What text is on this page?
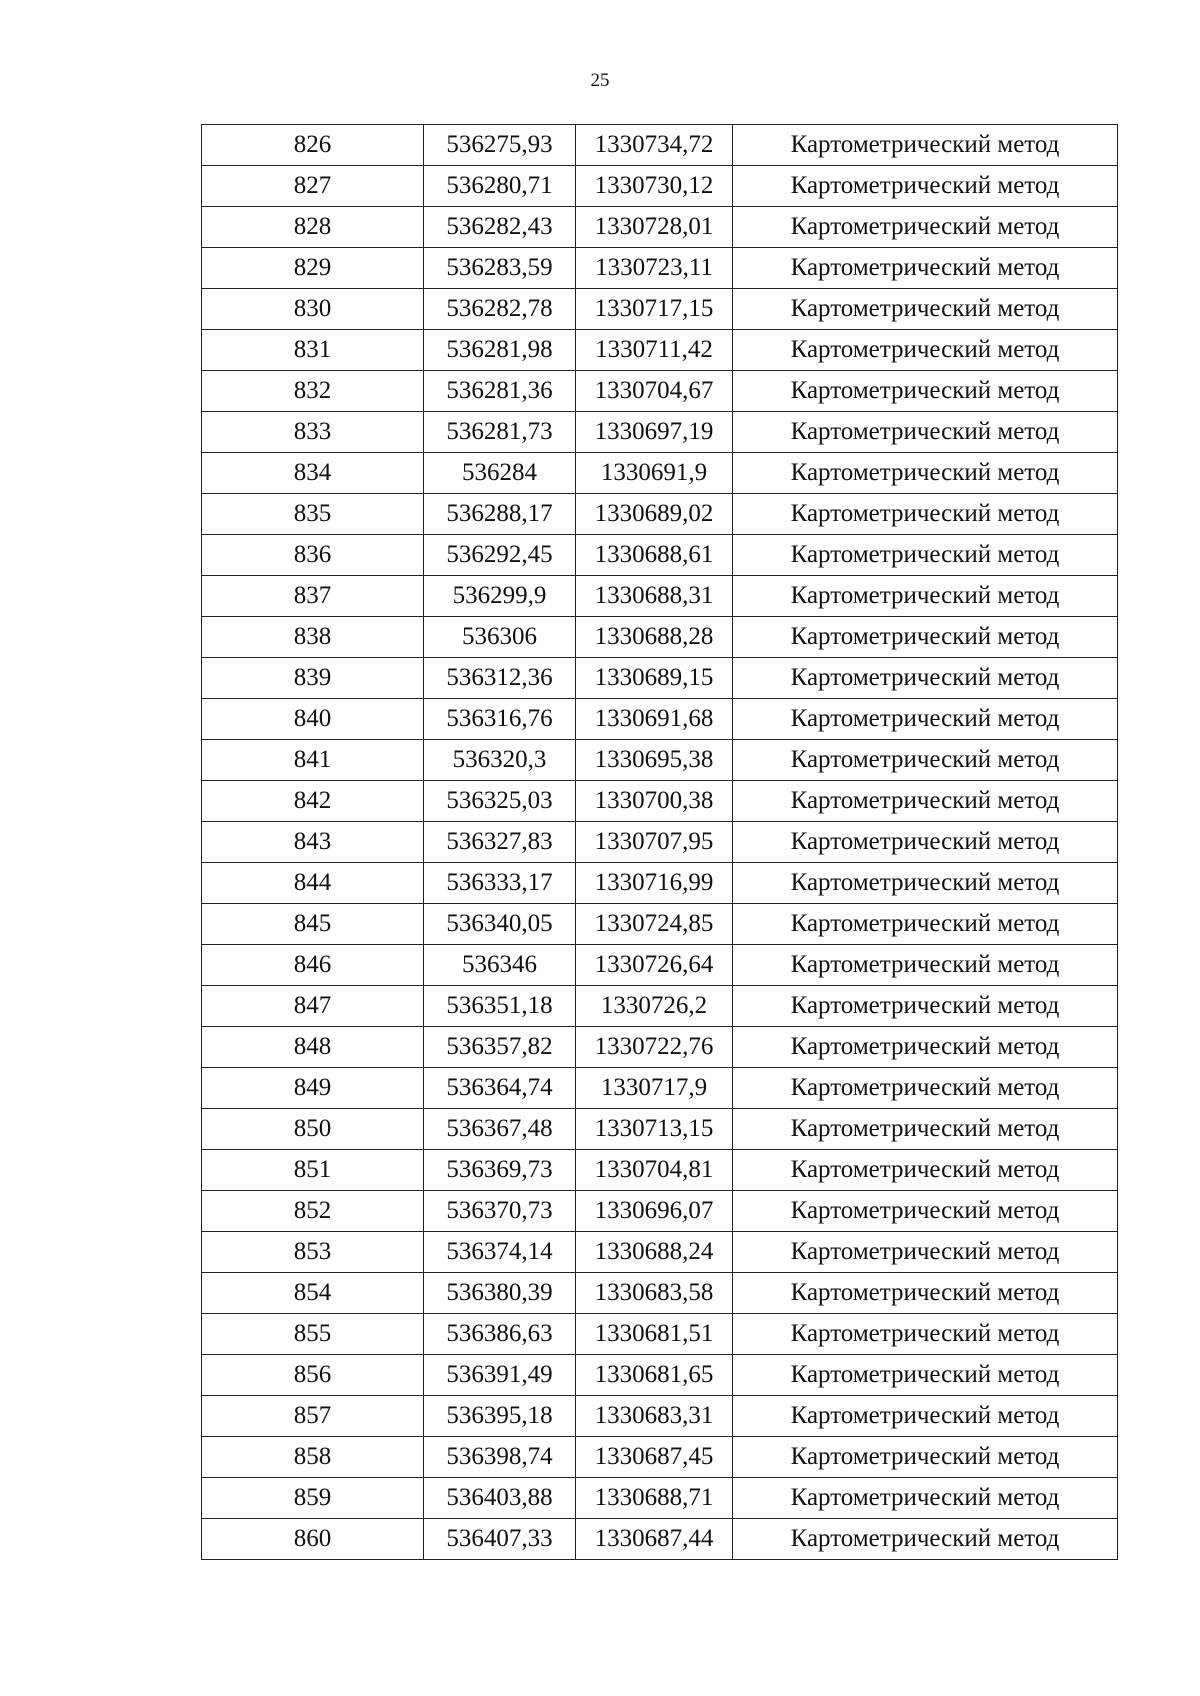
25
826	536275,93	1330734,72	Картометрический метод
827	536280,71	1330730,12	Картометрический метод
828	536282,43	1330728,01	Картометрический метод
829	536283,59	1330723,11	Картометрический метод
830	536282,78	1330717,15	Картометрический метод
831	536281,98	1330711,42	Картометрический метод
832	536281,36	1330704,67	Картометрический метод
833	536281,73	1330697,19	Картометрический метод
834	536284	1330691,9	Картометрический метод
835	536288,17	1330689,02	Картометрический метод
836	536292,45	1330688,61	Картометрический метод
837	536299,9	1330688,31	Картометрический метод
838	536306	1330688,28	Картометрический метод
839	536312,36	1330689,15	Картометрический метод
840	536316,76	1330691,68	Картометрический метод
841	536320,3	1330695,38	Картометрический метод
842	536325,03	1330700,38	Картометрический метод
843	536327,83	1330707,95	Картометрический метод
844	536333,17	1330716,99	Картометрический метод
845	536340,05	1330724,85	Картометрический метод
846	536346	1330726,64	Картометрический метод
847	536351,18	1330726,2	Картометрический метод
848	536357,82	1330722,76	Картометрический метод
849	536364,74	1330717,9	Картометрический метод
850	536367,48	1330713,15	Картометрический метод
851	536369,73	1330704,81	Картометрический метод
852	536370,73	1330696,07	Картометрический метод
853	536374,14	1330688,24	Картометрический метод
854	536380,39	1330683,58	Картометрический метод
855	536386,63	1330681,51	Картометрический метод
856	536391,49	1330681,65	Картометрический метод
857	536395,18	1330683,31	Картометрический метод
858	536398,74	1330687,45	Картометрический метод
859	536403,88	1330688,71	Картометрический метод
860	536407,33	1330687,44	Картометрический метод
